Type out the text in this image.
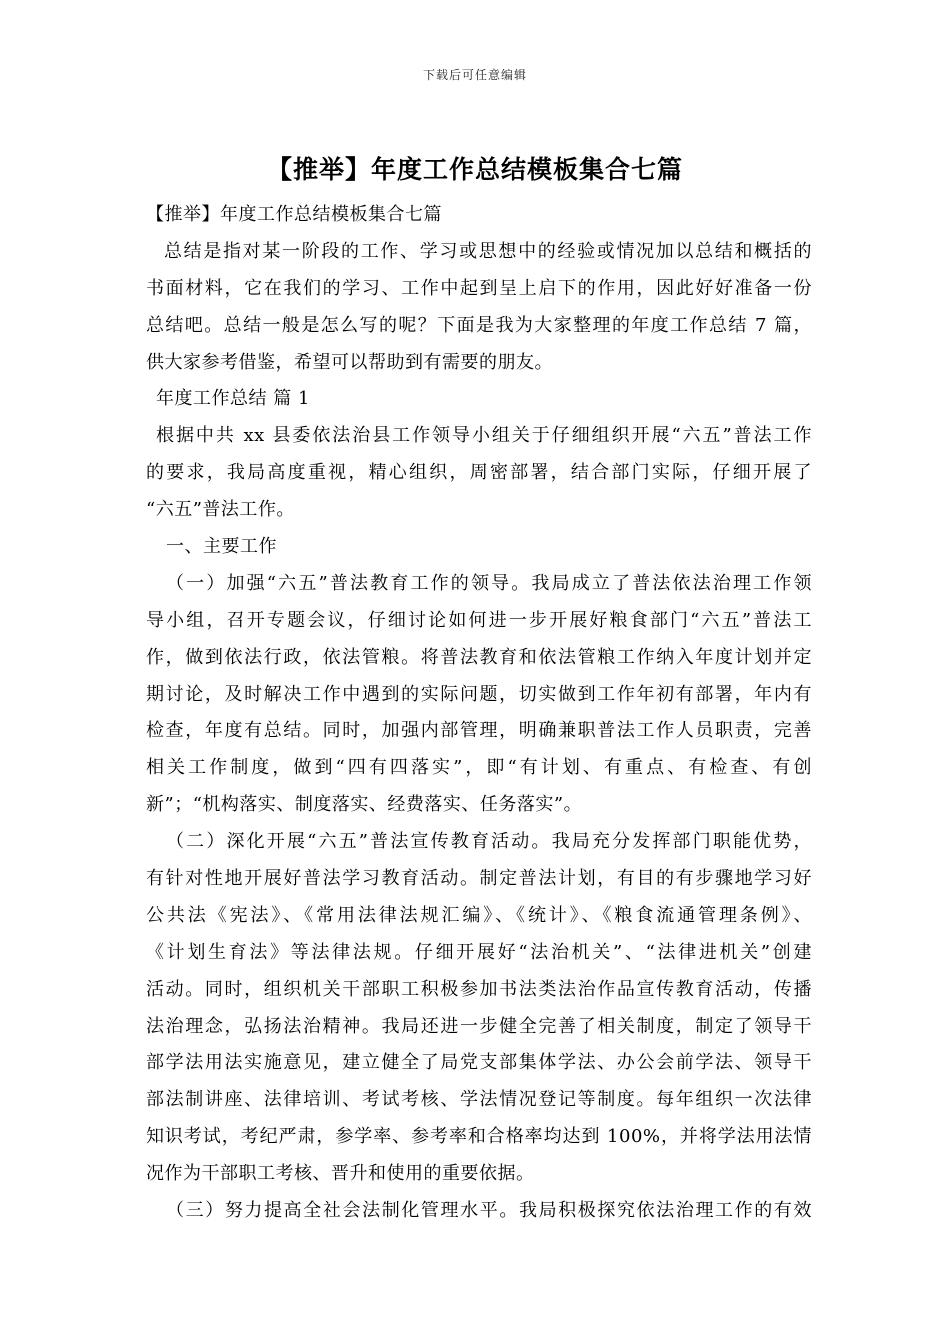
下载后可任意编辑
【推举】年度工作总结模板集合七篇
【推举】年度工作总结模板集合七篇
总结是指对某一阶段的工作、学习或思想中的经验或情况加以总结和概括的
书面材料，它在我们的学习、工作中起到呈上启下的作用，因此好好准备一份
总结吧。总结一般是怎么写的呢？下面是我为大家整理的年度工作总结 7 篇，
供大家参考借鉴，希望可以帮助到有需要的朋友。
年度工作总结 篇 1
根据中共 xx 县委依法治县工作领导小组关于仔细组织开展“六五”普法工作
的要求，我局高度重视，精心组织，周密部署，结合部门实际，仔细开展了
“六五”普法工作。
一、主要工作
（一）加强“六五”普法教育工作的领导。我局成立了普法依法治理工作领
导小组，召开专题会议，仔细讨论如何进一步开展好粮食部门“六五”普法工
作，做到依法行政，依法管粮。将普法教育和依法管粮工作纳入年度计划并定
期讨论，及时解决工作中遇到的实际问题，切实做到工作年初有部署，年内有
检查，年度有总结。同时，加强内部管理，明确兼职普法工作人员职责，完善
相关工作制度，做到“四有四落实”，即“有计划、有重点、有检查、有创
新”；“机构落实、制度落实、经费落实、任务落实”。
（二）深化开展“六五”普法宣传教育活动。我局充分发挥部门职能优势，
有针对性地开展好普法学习教育活动。制定普法计划，有目的有步骤地学习好
公共法《宪法》、《常用法律法规汇编》、《统计》、《粮食流通管理条例》、
《计划生育法》等法律法规。仔细开展好“法治机关”、“法律进机关”创建
活动。同时，组织机关干部职工积极参加书法类法治作品宣传教育活动，传播
法治理念，弘扬法治精神。我局还进一步健全完善了相关制度，制定了领导干
部学法用法实施意见，建立健全了局党支部集体学法、办公会前学法、领导干
部法制讲座、法律培训、考试考核、学法情况登记等制度。每年组织一次法律
知识考试，考纪严肃，参学率、参考率和合格率均达到 100%，并将学法用法情
况作为干部职工考核、晋升和使用的重要依据。
（三）努力提高全社会法制化管理水平。我局积极探究依法治理工作的有效
